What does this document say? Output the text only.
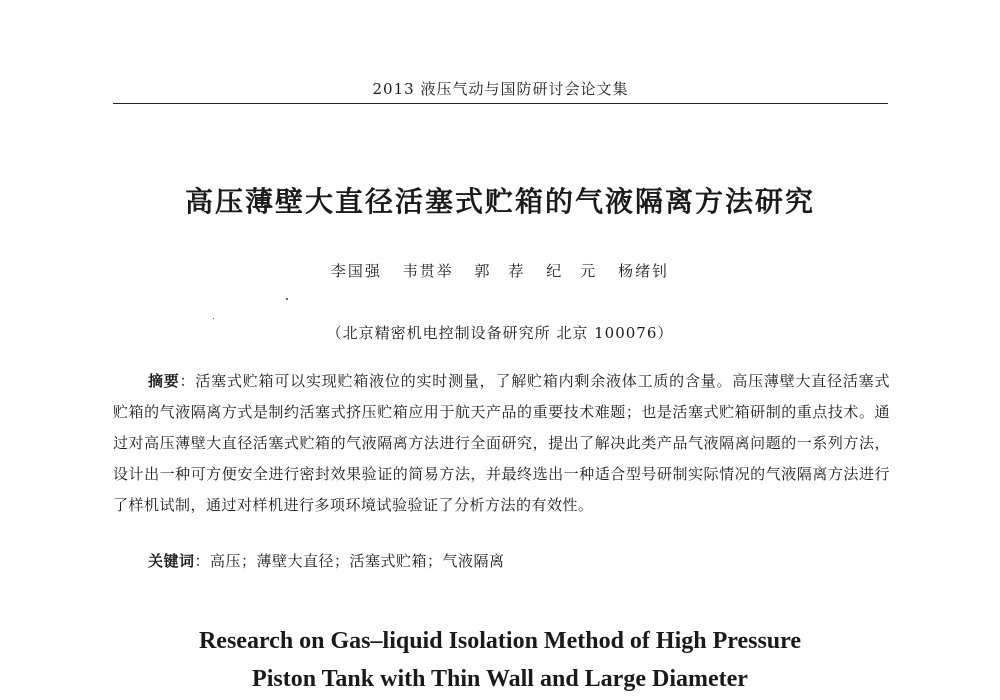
2013 液压气动与国防研讨会论文集
高压薄壁大直径活塞式贮箱的气液隔离方法研究
李国强 韦贯举 郭　荐 纪　元 杨绪钊
（北京精密机电控制设备研究所 北京 100076）
摘要：活塞式贮箱可以实现贮箱液位的实时测量，了解贮箱内剩余液体工质的含量。高压薄壁大直径活塞式贮箱的气液隔离方式是制约活塞式挤压贮箱应用于航天产品的重要技术难题；也是活塞式贮箱研制的重点技术。通过对高压薄壁大直径活塞式贮箱的气液隔离方法进行全面研究，提出了解决此类产品气液隔离问题的一系列方法，设计出一种可方便安全进行密封效果验证的简易方法，并最终选出一种适合型号研制实际情况的气液隔离方法进行了样机试制，通过对样机进行多项环境试验验证了分析方法的有效性。
关键词：高压；薄壁大直径；活塞式贮箱；气液隔离
Research on Gas–liquid Isolation Method of High Pressure
Piston Tank with Thin Wall and Large Diameter
